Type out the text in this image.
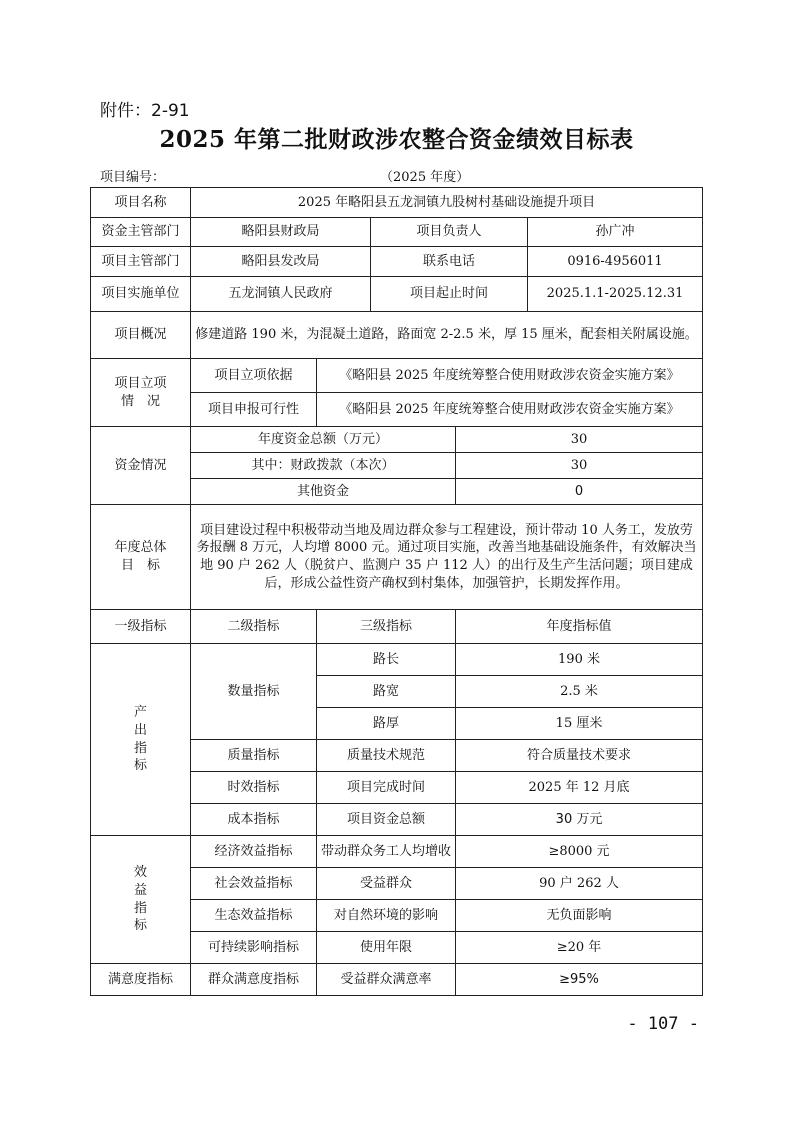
附件：2-91
2025 年第二批财政涉农整合资金绩效目标表
项目编号：	（2025 年度）
项目名称	2025 年略阳县五龙洞镇九股树村基础设施提升项目				
资金主管部门	略阳县财政局		项目负责人		孙广冲
项目主管部门	略阳县发改局		联系电话		0916-4956011
项目实施单位	五龙洞镇人民政府		项目起止时间		2025.1.1-2025.12.31
项目概况	修建道路 190 米，为混凝土道路，路面宽 2-2.5 米，厚 15 厘米，配套相关附属设施。				

项目立项
情　况	项目立项依据	《略阳县 2025 年度统筹整合使用财政涉农资金实施方案》			
	项目申报可行性	《略阳县 2025 年度统筹整合使用财政涉农资金实施方案》			
资金情况	年度资金总额（万元）			30	
	其中：财政拨款（本次）			30	
	其他资金			0	

年度总体
目　标	项目建设过程中积极带动当地及周边群众参与工程建设，预计带动 10 人务工，发放劳务报酬 8 万元，人均增 8000 元。通过项目实施，改善当地基础设施条件，有效解决当地 90 户 262 人（脱贫户、监测户 35 户 112 人）的出行及生产生活问题；项目建成后，形成公益性资产确权到村集体，加强管护，长期发挥作用。				
一级指标	二级指标	三级指标		年度指标值	

产
出
指
标	数量指标	路长		190 米	
		路宽		2.5 米	
		路厚		15 厘米	
	质量指标	质量技术规范		符合质量技术要求	
	时效指标	项目完成时间		2025 年 12 月底	
	成本指标	项目资金总额		30 万元	

效
益
指
标	经济效益指标	带动群众务工人均增收		≥8000 元	
	社会效益指标	受益群众		90 户 262 人	
	生态效益指标	对自然环境的影响		无负面影响	
	可持续影响指标	使用年限		≥20 年	
满意度指标	群众满意度指标	受益群众满意率		≥95%	
- 107 -
